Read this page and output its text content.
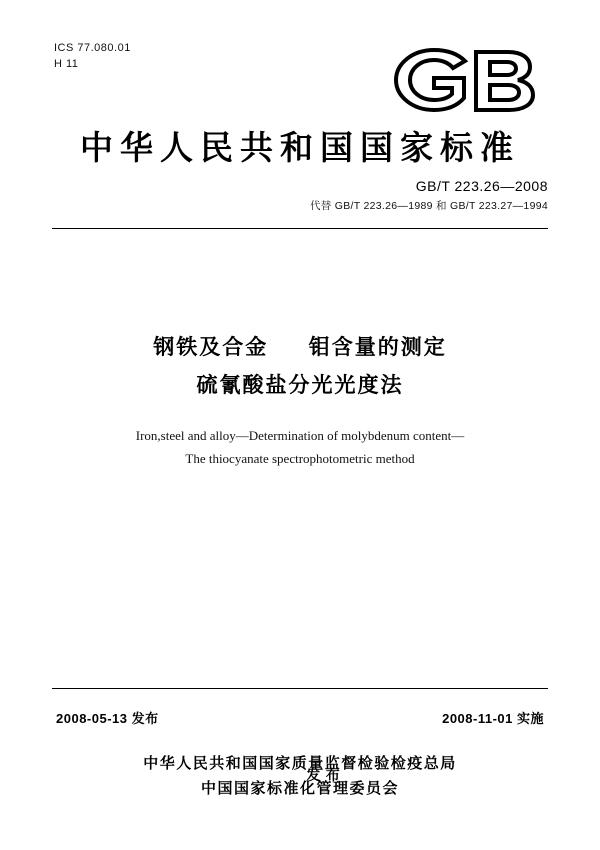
ICS 77.080.01
H 11
中华人民共和国国家标准
GB/T 223.26—2008
代替 GB/T 223.26—1989 和 GB/T 223.27—1994
钢铁及合金 钼含量的测定
硫氰酸盐分光光度法
Iron,steel and alloy—Determination of molybdenum content—
The thiocyanate spectrophotometric method
2008-05-13 发布	2008-11-01 实施
中华人民共和国国家质量监督检验检疫总局
中国国家标准化管理委员会
发 布
